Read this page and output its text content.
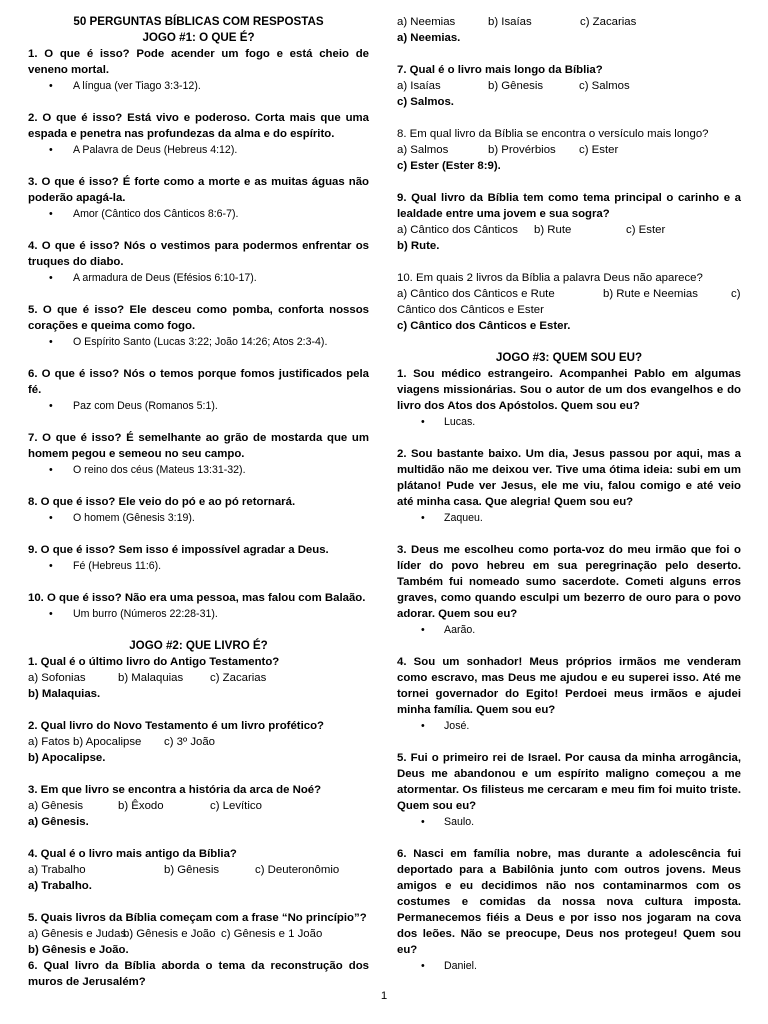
50 PERGUNTAS BÍBLICAS COM RESPOSTAS
JOGO #1: O QUE É?
1. O que é isso? Pode acender um fogo e está cheio de veneno mortal.
• A língua (ver Tiago 3:3-12).
2. O que é isso? Está vivo e poderoso. Corta mais que uma espada e penetra nas profundezas da alma e do espírito.
• A Palavra de Deus (Hebreus 4:12).
3. O que é isso? É forte como a morte e as muitas águas não poderão apagá-la.
• Amor (Cântico dos Cânticos 8:6-7).
4. O que é isso? Nós o vestimos para podermos enfrentar os truques do diabo.
• A armadura de Deus (Efésios 6:10-17).
5. O que é isso? Ele desceu como pomba, conforta nossos corações e queima como fogo.
• O Espírito Santo (Lucas 3:22; João 14:26; Atos 2:3-4).
6. O que é isso? Nós o temos porque fomos justificados pela fé.
• Paz com Deus (Romanos 5:1).
7. O que é isso? É semelhante ao grão de mostarda que um homem pegou e semeou no seu campo.
• O reino dos céus (Mateus 13:31-32).
8. O que é isso? Ele veio do pó e ao pó retornará.
• O homem (Gênesis 3:19).
9. O que é isso? Sem isso é impossível agradar a Deus.
• Fé (Hebreus 11:6).
10. O que é isso? Não era uma pessoa, mas falou com Balaão.
• Um burro (Números 22:28-31).
JOGO #2: QUE LIVRO É?
1. Qual é o último livro do Antigo Testamento?
a) Sofonias	b) Malaquias	c) Zacarias
b) Malaquias.
2. Qual livro do Novo Testamento é um livro profético?
a) Fatos b) Apocalipse	c) 3º João
b) Apocalipse.
3. Em que livro se encontra a história da arca de Noé?
a) Gênesis	b) Êxodo	c) Levítico
a) Gênesis.
4. Qual é o livro mais antigo da Bíblia?
a) Trabalho	b) Gênesis	c) Deuteronômio
a) Trabalho.
5. Quais livros da Bíblia começam com a frase “No princípio”?
a) Gênesis e Judas
b) Gênesis e João c) Gênesis e 1 João
b) Gênesis e João.
6. Qual livro da Bíblia aborda o tema da reconstrução dos muros de Jerusalém?
a) Neemias	b) Isaías	c) Zacarias
a) Neemias.
7. Qual é o livro mais longo da Bíblia?
a) Isaías	b) Gênesis	c) Salmos
c) Salmos.
8. Em qual livro da Bíblia se encontra o versículo mais longo?
a) Salmos	b) Provérbios	c) Ester
c) Ester (Ester 8:9).
9. Qual livro da Bíblia tem como tema principal o carinho e a lealdade entre uma jovem e sua sogra?
a) Cântico dos Cânticos	b) Rute	c) Ester
b) Rute.
10. Em quais 2 livros da Bíblia a palavra Deus não aparece?
a) Cântico dos Cânticos e Rute	b) Rute e Neemias	c)
Cântico dos Cânticos e Ester
c) Cântico dos Cânticos e Ester.
JOGO #3: QUEM SOU EU?
1. Sou médico estrangeiro. Acompanhei Pablo em algumas viagens missionárias. Sou o autor de um dos evangelhos e do livro dos Atos dos Apóstolos. Quem sou eu?
• Lucas.
2. Sou bastante baixo. Um dia, Jesus passou por aqui, mas a multidão não me deixou ver. Tive uma ótima ideia: subi em um plátano! Pude ver Jesus, ele me viu, falou comigo e até veio até minha casa. Que alegria! Quem sou eu?
• Zaqueu.
3. Deus me escolheu como porta-voz do meu irmão que foi o líder do povo hebreu em sua peregrinação pelo deserto. Também fui nomeado sumo sacerdote. Cometi alguns erros graves, como quando esculpi um bezerro de ouro para o povo adorar. Quem sou eu?
• Aarão.
4. Sou um sonhador! Meus próprios irmãos me venderam como escravo, mas Deus me ajudou e eu superei isso. Até me tornei governador do Egito! Perdoei meus irmãos e ajudei minha família. Quem sou eu?
• José.
5. Fui o primeiro rei de Israel. Por causa da minha arrogância, Deus me abandonou e um espírito maligno começou a me atormentar. Os filisteus me cercaram e meu fim foi muito triste. Quem sou eu?
• Saulo.
6. Nasci em família nobre, mas durante a adolescência fui deportado para a Babilônia junto com outros jovens. Meus amigos e eu decidimos não nos contaminarmos com os costumes e comidas da nossa nova cultura imposta. Permanecemos fiéis a Deus e por isso nos jogaram na cova dos leões. Não se preocupe, Deus nos protegeu! Quem sou eu?
• Daniel.
1
